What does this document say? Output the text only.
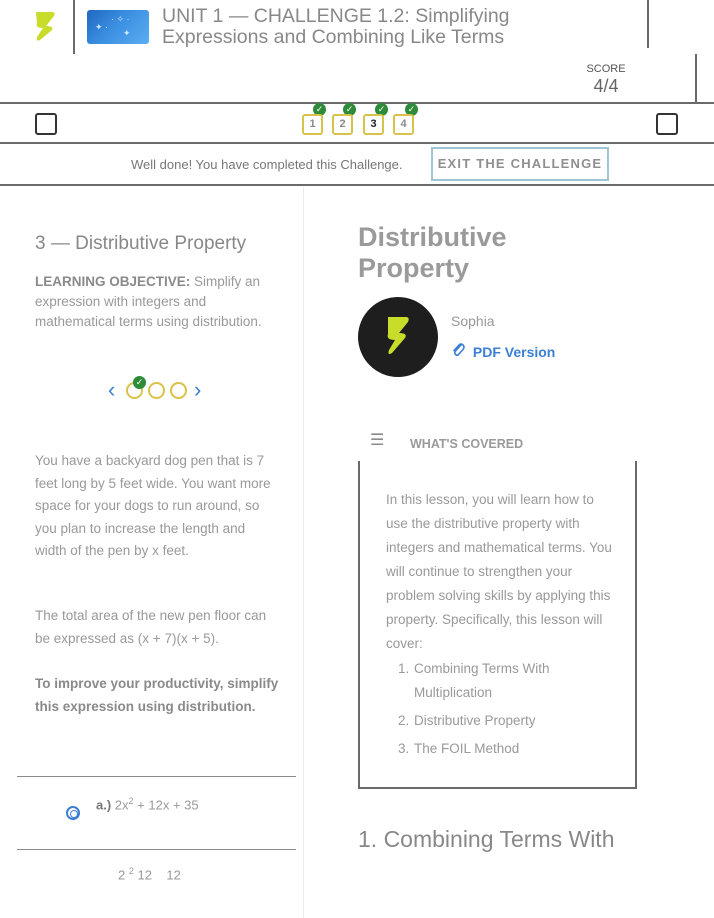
✦ ·
· ✧ ·
✦
UNIT 1 — CHALLENGE 1.2: Simplifying
Expressions and Combining Like Terms
SCORE
4/4
✓
1
✓
2
✓
3
✓
4
Well done! You have completed this Challenge.	EXIT THE CHALLENGE
3 — Distributive Property
LEARNING OBJECTIVE: Simplify an expression with integers and mathematical terms using distribution.
‹	✓ ›
You have a backyard dog pen that is 7 feet long by 5 feet wide. You want more space for your dogs to run around, so you plan to increase the length and width of the pen by x feet.
The total area of the new pen floor can be expressed as (x + 7)(x + 5).
To improve your productivity, simplify this expression using distribution.
a.) $2x^2 + 12x + 35$
2 $^2$ 12    12
Distributive Property
Sophia
PDF Version
☰ WHAT'S COVERED
In this lesson, you will learn how to use the distributive property with integers and mathematical terms. You will continue to strengthen your problem solving skills by applying this property. Specifically, this lesson will cover:
1. Combining Terms With Multiplication
2. Distributive Property
3. The FOIL Method
1. Combining Terms With
